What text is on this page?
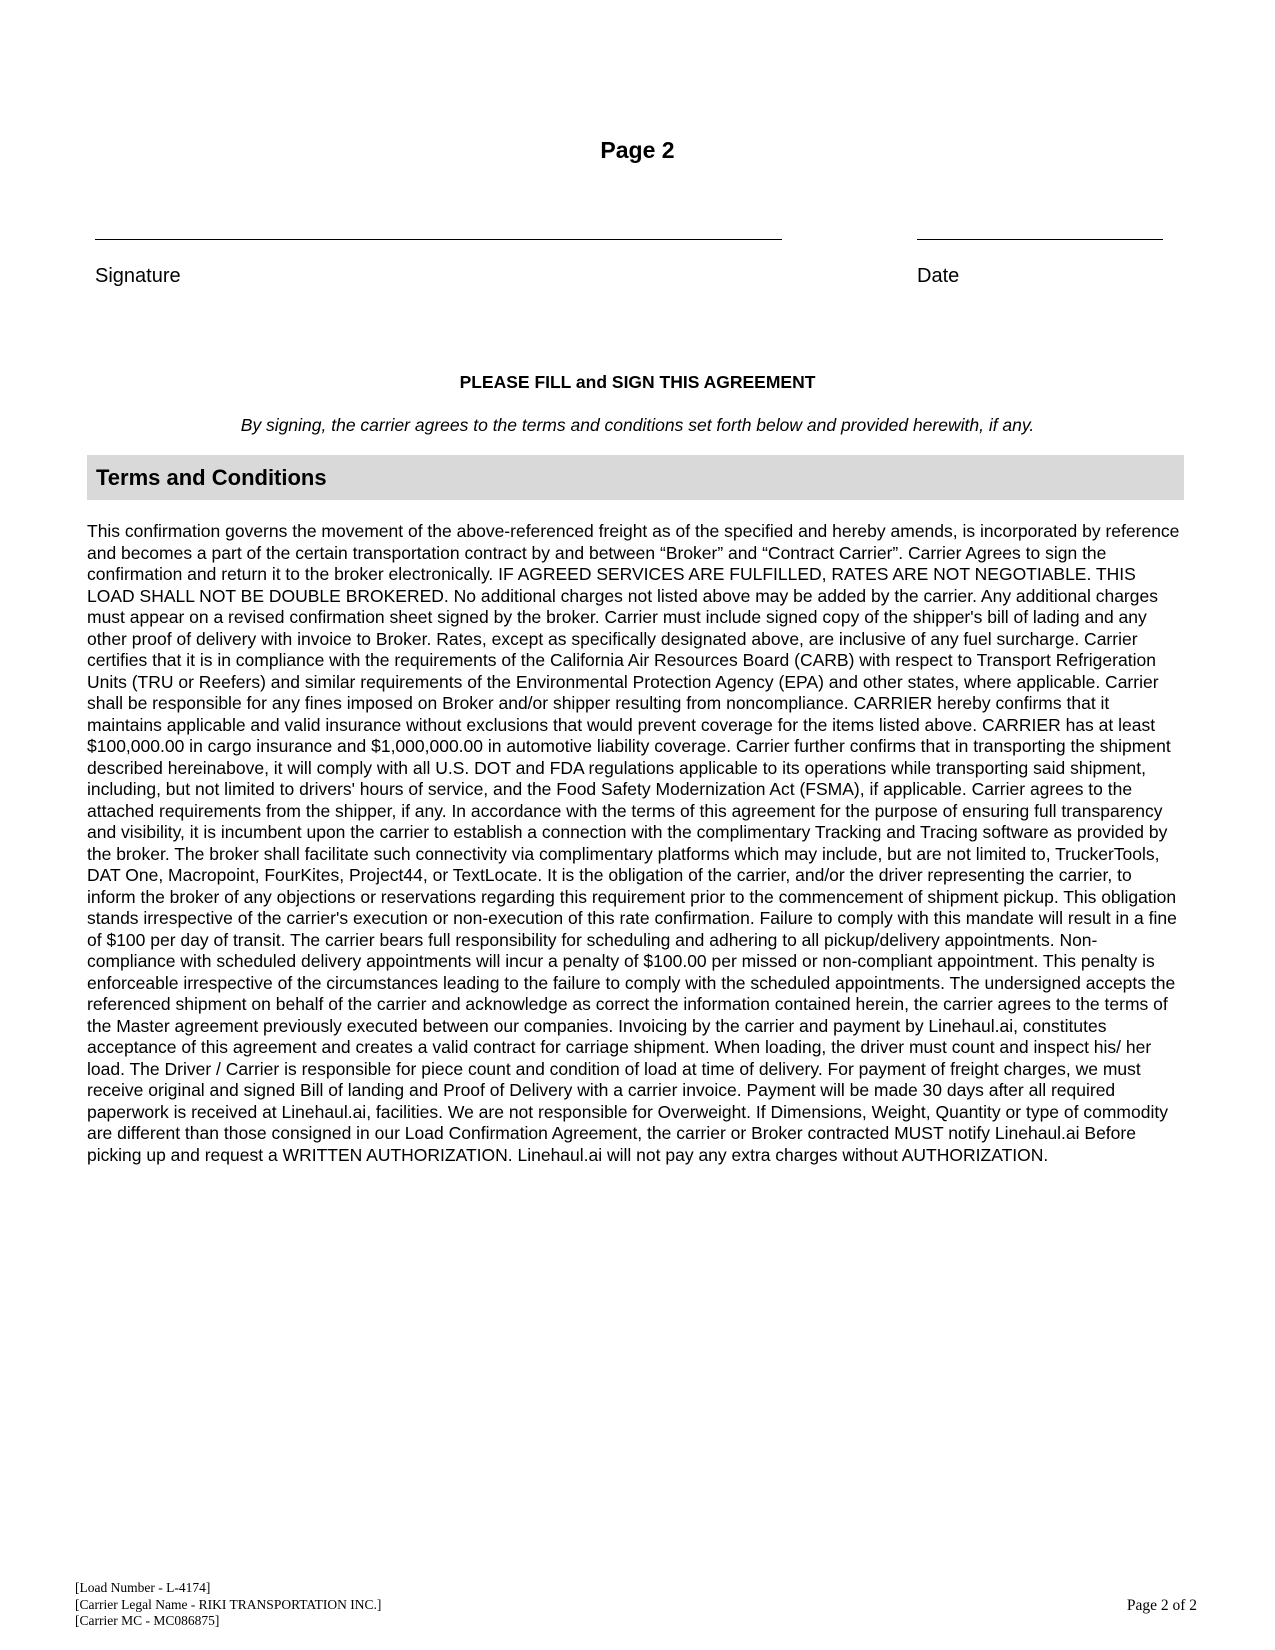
Page 2
Signature	Date
PLEASE FILL and SIGN THIS AGREEMENT
By signing, the carrier agrees to the terms and conditions set forth below and provided herewith, if any.
Terms and Conditions

This confirmation governs the movement of the above-referenced freight as of the specified and hereby amends, is incorporated by reference and becomes a part of the certain transportation contract by and between “Broker” and “Contract Carrier”. Carrier Agrees to sign the confirmation and return it to the broker electronically. IF AGREED SERVICES ARE FULFILLED, RATES ARE NOT NEGOTIABLE. THIS LOAD SHALL NOT BE DOUBLE BROKERED. No additional charges not listed above may be added by the carrier. Any additional charges must appear on a revised confirmation sheet signed by the broker. Carrier must include signed copy of the shipper's bill of lading and any other proof of delivery with invoice to Broker. Rates, except as specifically designated above, are inclusive of any fuel surcharge. Carrier certifies that it is in compliance with the requirements of the California Air Resources Board (CARB) with respect to Transport Refrigeration Units (TRU or Reefers) and similar requirements of the Environmental Protection Agency (EPA) and other states, where applicable. Carrier shall be responsible for any fines imposed on Broker and/or shipper resulting from noncompliance. CARRIER hereby confirms that it maintains applicable and valid insurance without exclusions that would prevent coverage for the items listed above. CARRIER has at least $100,000.00 in cargo insurance and $1,000,000.00 in automotive liability coverage. Carrier further confirms that in transporting the shipment described hereinabove, it will comply with all U.S. DOT and FDA regulations applicable to its operations while transporting said shipment, including, but not limited to drivers' hours of service, and the Food Safety Modernization Act (FSMA), if applicable. Carrier agrees to the attached requirements from the shipper, if any. In accordance with the terms of this agreement for the purpose of ensuring full transparency and visibility, it is incumbent upon the carrier to establish a connection with the complimentary Tracking and Tracing software as provided by the broker. The broker shall facilitate such connectivity via complimentary platforms which may include, but are not limited to, TruckerTools, DAT One, Macropoint, FourKites, Project44, or TextLocate. It is the obligation of the carrier, and/or the driver representing the carrier, to inform the broker of any objections or reservations regarding this requirement prior to the commencement of shipment pickup. This obligation stands irrespective of the carrier's execution or non-execution of this rate confirmation. Failure to comply with this mandate will result in a fine of $100 per day of transit. The carrier bears full responsibility for scheduling and adhering to all pickup/delivery appointments. Non-compliance with scheduled delivery appointments will incur a penalty of $100.00 per missed or non-compliant appointment. This penalty is enforceable irrespective of the circumstances leading to the failure to comply with the scheduled appointments. The undersigned accepts the referenced shipment on behalf of the carrier and acknowledge as correct the information contained herein, the carrier agrees to the terms of the Master agreement previously executed between our companies. Invoicing by the carrier and payment by Linehaul.ai, constitutes acceptance of this agreement and creates a valid contract for carriage shipment. When loading, the driver must count and inspect his/ her load. The Driver / Carrier is responsible for piece count and condition of load at time of delivery. For payment of freight charges, we must receive original and signed Bill of landing and Proof of Delivery with a carrier invoice. Payment will be made 30 days after all required paperwork is received at Linehaul.ai, facilities. We are not responsible for Overweight. If Dimensions, Weight, Quantity or type of commodity are different than those consigned in our Load Confirmation Agreement, the carrier or Broker contracted MUST notify Linehaul.ai Before picking up and request a WRITTEN AUTHORIZATION. Linehaul.ai will not pay any extra charges without AUTHORIZATION.

[Load Number - L-4174]
[Carrier Legal Name - RIKI TRANSPORTATION INC.]
[Carrier MC - MC086875]
Page 2 of 2
